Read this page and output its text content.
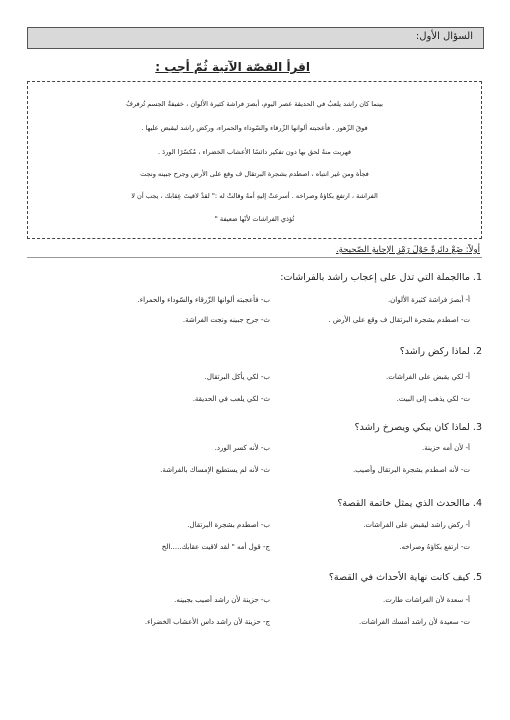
السؤال الأول:
اقرأ القصّة الآتية ثُمّ أجب :
بينما كان راشد يلعبُ في الحديقة عصر اليوم، أبصرَ فراشة كثيرة الألوان ، خفيفةُ الجسم تُرفرفُ
فوقَ الزّهور . فأعجبته ألوانها الزّرقاء والسّوداء والحمراء، وركض راشد ليقبض عليها .
فهربت منهُ لحق بها دون تفكير دائسًا الأعشاب الخضراء ، مُكسّرًا الوردَ .
فجأة ومن غير انتباه ، اصطدم بشجرة البرتقال ف وقع على الأرض وجرح جبينه ونجت
الفراشة ، ارتفع بكاؤهُ وصراخه . أسرعتْ إليهِ أمهُ وقالتْ له :" لقدْ لاقيتَ عِقابك ، يجب أن لا
تُؤذي الفراشات لأنّها ضعيفة "
أولاً: ضَعْ دائرةً حَوْلَ رَمْزِ الإجابةِ الصّحيحةِ.
1. ماالجملة التي تدل على إعجاب راشد بالفراشات:
أ- أبصرَ فراشة كثيرة الألوان.
ب- فأعجبته ألوانها الزّرقاء والسّوداء والحمراء.
ت- اصطدم بشجرة البرتقال ف وقع على الأرض .
ث- جرح جبينه ونجت الفراشة.
2. لماذا ركض راشد؟
أ- لكي يقبض على الفراشات.
ب- لكي يأكل البرتقال.
ت- لكي يذهب إلى البيت.
ث- لكي يلعب في الحديقة.
3. لماذا كان يبكي ويصرخ راشد؟
أ- لأن أمه حزينة.
ب- لأنه كسر الورد.
ت- لأنه اصطدم بشجرة البرتقال وأصيب.
ث- لأنه لم يستطيع الإمساك بالفراشة.
4. ماالحدث الذي يمثل خاتمة القصة؟
أ- ركض راشد ليقبض على الفراشات.
ب- اصطدم بشجرة البرتقال.
ت- ارتفع بكاؤهُ وصراخه.
ج- قول أمه " لقد لاقيت عقابك.....الخ
5. كيف كانت نهاية الأحداث في القصة؟
أ- سعدة لأن الفراشات طارت.
ب- حزينة لأن راشد أصيب بجبينه.
ت- سعيدة لأن راشد أمسك الفراشات.
ج- حزينة لأن راشد داس الأعشاب الخضراء.
